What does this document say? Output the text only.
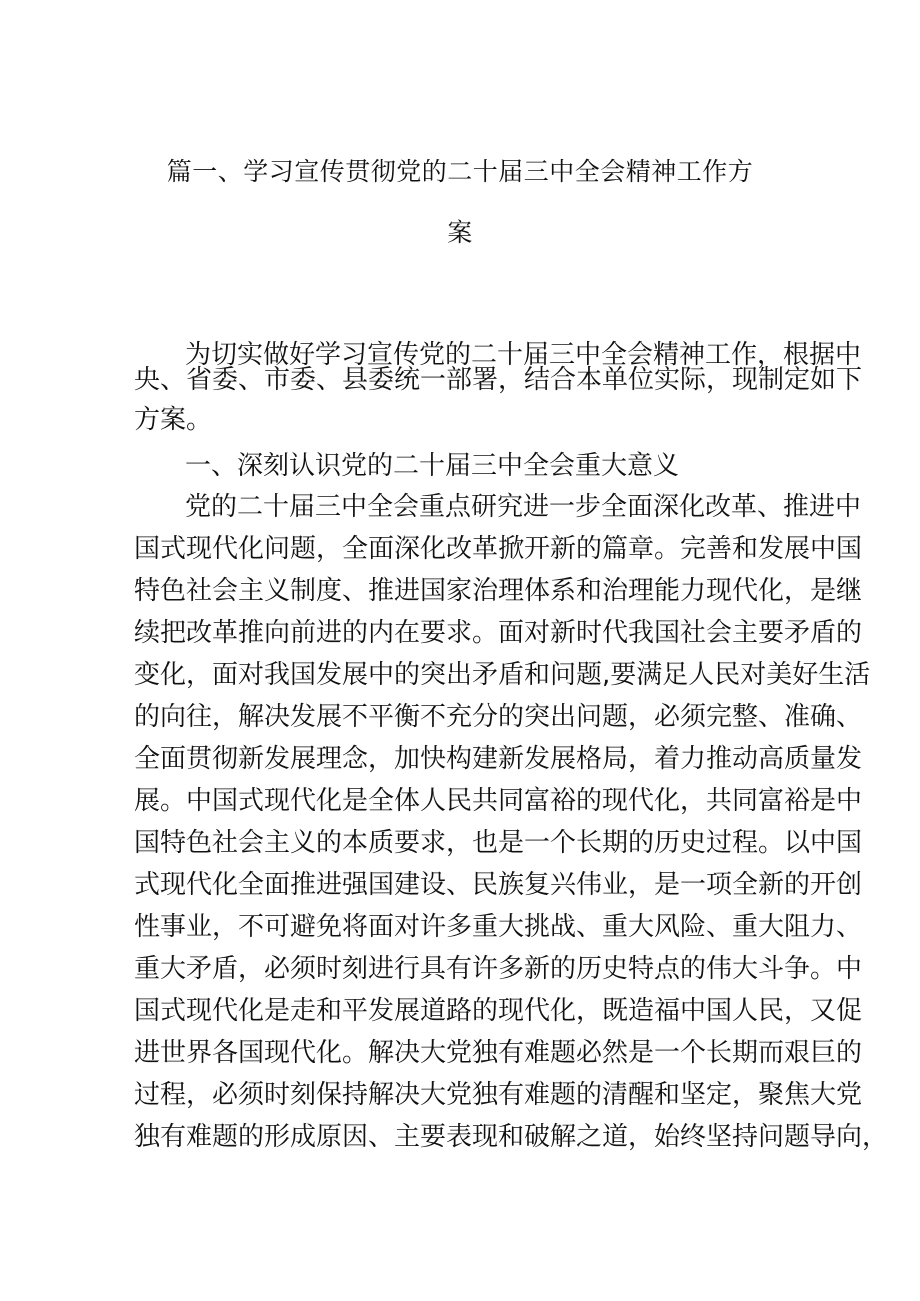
篇一、学习宣传贯彻党的二十届三中全会精神工作方
案
为切实做好学习宣传党的二十届三中全会精神工作，根据中
央、省委、市委、县委统一部署，结合本单位实际，现制定如下
方案。
一、深刻认识党的二十届三中全会重大意义
党的二十届三中全会重点研究进一步全面深化改革、推进中
国式现代化问题，全面深化改革掀开新的篇章。完善和发展中国
特色社会主义制度、推进国家治理体系和治理能力现代化，是继
续把改革推向前进的内在要求。面对新时代我国社会主要矛盾的
变化，面对我国发展中的突出矛盾和问题,要满足人民对美好生活
的向往，解决发展不平衡不充分的突出问题，必须完整、准确、
全面贯彻新发展理念，加快构建新发展格局，着力推动高质量发
展。中国式现代化是全体人民共同富裕的现代化，共同富裕是中
国特色社会主义的本质要求，也是一个长期的历史过程。以中国
式现代化全面推进强国建设、民族复兴伟业，是一项全新的开创
性事业，不可避免将面对许多重大挑战、重大风险、重大阻力、
重大矛盾，必须时刻进行具有许多新的历史特点的伟大斗争。中
国式现代化是走和平发展道路的现代化，既造福中国人民，又促
进世界各国现代化。解决大党独有难题必然是一个长期而艰巨的
过程，必须时刻保持解决大党独有难题的清醒和坚定，聚焦大党
独有难题的形成原因、主要表现和破解之道，始终坚持问题导向，
